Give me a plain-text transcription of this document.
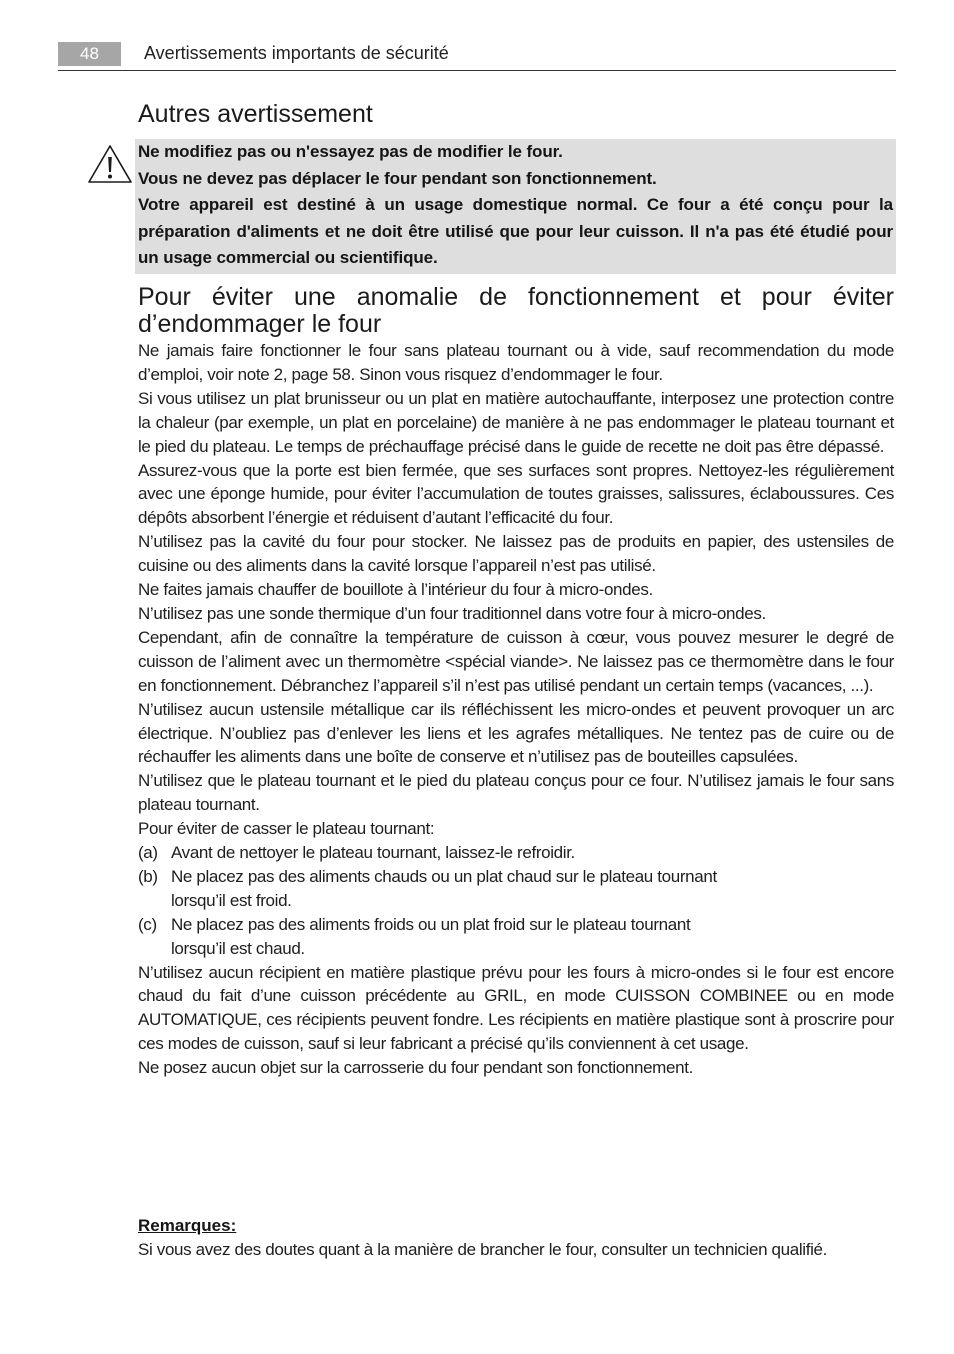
48	Avertissements importants de sécurité
Autres avertissement

Ne modifiez pas ou n'essayez pas de modifier le four.

Vous ne devez pas déplacer le four pendant son fonctionnement.

Votre appareil est destiné à un usage domestique normal. Ce four a été conçu pour la préparation d'aliments et ne doit être utilisé que pour leur cuisson. Il n'a pas été étudié pour un usage commercial ou scientifique.

Pour éviter une anomalie de fonctionnement et pour éviter d’endommager le four

Ne jamais faire fonctionner le four sans plateau tournant ou à vide, sauf recommendation du mode d’emploi, voir note 2, page 58. Sinon vous risquez d’endommager le four.

Si vous utilisez un plat brunisseur ou un plat en matière autochauffante, interposez une protection contre la chaleur (par exemple, un plat en porcelaine) de manière à ne pas endommager le plateau tournant et le pied du plateau. Le temps de préchauffage précisé dans le guide de recette ne doit pas être dépassé.

Assurez-vous que la porte est bien fermée, que ses surfaces sont propres. Nettoyez-les régulièrement avec une éponge humide, pour éviter l’accumulation de toutes graisses, salissures, éclaboussures. Ces dépôts absorbent l’énergie et réduisent d’autant l’efficacité du four.

N’utilisez pas la cavité du four pour stocker. Ne laissez pas de produits en papier, des ustensiles de cuisine ou des aliments dans la cavité lorsque l’appareil n’est pas utilisé.

Ne faites jamais chauffer de bouillote à l’intérieur du four à micro-ondes.

N’utilisez pas une sonde thermique d’un four traditionnel dans votre four à micro-ondes.

Cependant, afin de connaître la température de cuisson à cœur, vous pouvez mesurer le degré de cuisson de l’aliment avec un thermomètre <spécial viande>. Ne laissez pas ce thermomètre dans le four en fonctionnement. Débranchez l’appareil s’il n’est pas utilisé pendant un certain temps (vacances, ...).

N’utilisez aucun ustensile métallique car ils réfléchissent les micro-ondes et peuvent provoquer un arc électrique. N’oubliez pas d’enlever les liens et les agrafes métalliques. Ne tentez pas de cuire ou de réchauffer les aliments dans une boîte de conserve et n’utilisez pas de bouteilles capsulées.

N’utilisez que le plateau tournant et le pied du plateau conçus pour ce four. N’utilisez jamais le four sans plateau tournant.

Pour éviter de casser le plateau tournant:

(a) Avant de nettoyer le plateau tournant, laissez-le refroidir.
(b) Ne placez pas des aliments chauds ou un plat chaud sur le plateau tournant
lorsqu’il est froid.
(c) Ne placez pas des aliments froids ou un plat froid sur le plateau tournant
lorsqu’il est chaud.

N’utilisez aucun récipient en matière plastique prévu pour les fours à micro-ondes si le four est encore chaud du fait d’une cuisson précédente au GRIL, en mode CUISSON COMBINEE ou en mode AUTOMATIQUE, ces récipients peuvent fondre. Les récipients en matière plastique sont à proscrire pour ces modes de cuisson, sauf si leur fabricant a précisé qu’ils conviennent à cet usage.

Ne posez aucun objet sur la carrosserie du four pendant son fonctionnement.

Remarques:

Si vous avez des doutes quant à la manière de brancher le four, consulter un technicien qualifié.
